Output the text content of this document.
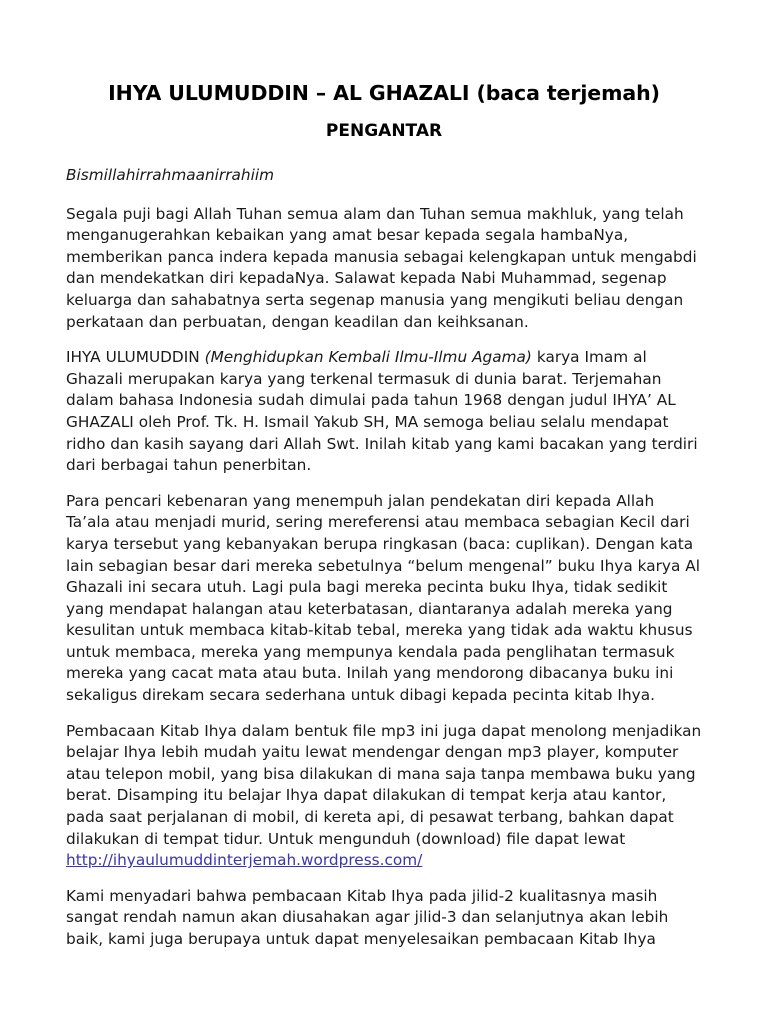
IHYA ULUMUDDIN – AL GHAZALI (baca terjemah)
PENGANTAR

Bismillahirrahmaanirrahiim

Segala puji bagi Allah Tuhan semua alam dan Tuhan semua makhluk, yang telah menganugerahkan kebaikan yang amat besar kepada segala hambaNya, memberikan panca indera kepada manusia sebagai kelengkapan untuk mengabdi dan mendekatkan diri kepadaNya. Salawat kepada Nabi Muhammad, segenap keluarga dan sahabatnya serta segenap manusia yang mengikuti beliau dengan perkataan dan perbuatan, dengan keadilan dan keihksanan.

IHYA ULUMUDDIN (Menghidupkan Kembali Ilmu-Ilmu Agama) karya Imam al Ghazali merupakan karya yang terkenal termasuk di dunia barat. Terjemahan dalam bahasa Indonesia sudah dimulai pada tahun 1968 dengan judul IHYA’ AL GHAZALI oleh Prof. Tk. H. Ismail Yakub SH, MA semoga beliau selalu mendapat ridho dan kasih sayang dari Allah Swt. Inilah kitab yang kami bacakan yang terdiri dari berbagai tahun penerbitan.

Para pencari kebenaran yang menempuh jalan pendekatan diri kepada Allah Ta’ala atau menjadi murid, sering mereferensi atau membaca sebagian Kecil dari karya tersebut yang kebanyakan berupa ringkasan (baca: cuplikan). Dengan kata lain sebagian besar dari mereka sebetulnya “belum mengenal” buku Ihya karya Al Ghazali ini secara utuh. Lagi pula bagi mereka pecinta buku Ihya, tidak sedikit yang mendapat halangan atau keterbatasan, diantaranya adalah mereka yang kesulitan untuk membaca kitab-kitab tebal, mereka yang tidak ada waktu khusus untuk membaca, mereka yang mempunya kendala pada penglihatan termasuk mereka yang cacat mata atau buta. Inilah yang mendorong dibacanya buku ini sekaligus direkam secara sederhana untuk dibagi kepada pecinta kitab Ihya.

Pembacaan Kitab Ihya dalam bentuk file mp3 ini juga dapat menolong menjadikan belajar Ihya lebih mudah yaitu lewat mendengar dengan mp3 player, komputer atau telepon mobil, yang bisa dilakukan di mana saja tanpa membawa buku yang berat. Disamping itu belajar Ihya dapat dilakukan di tempat kerja atau kantor, pada saat perjalanan di mobil, di kereta api, di pesawat terbang, bahkan dapat dilakukan di tempat tidur. Untuk mengunduh (download) file dapat lewat http://ihyaulumuddinterjemah.wordpress.com/

Kami menyadari bahwa pembacaan Kitab Ihya pada jilid-2 kualitasnya masih sangat rendah namun akan diusahakan agar jilid-3 dan selanjutnya akan lebih baik, kami juga berupaya untuk dapat menyelesaikan pembacaan Kitab Ihya
